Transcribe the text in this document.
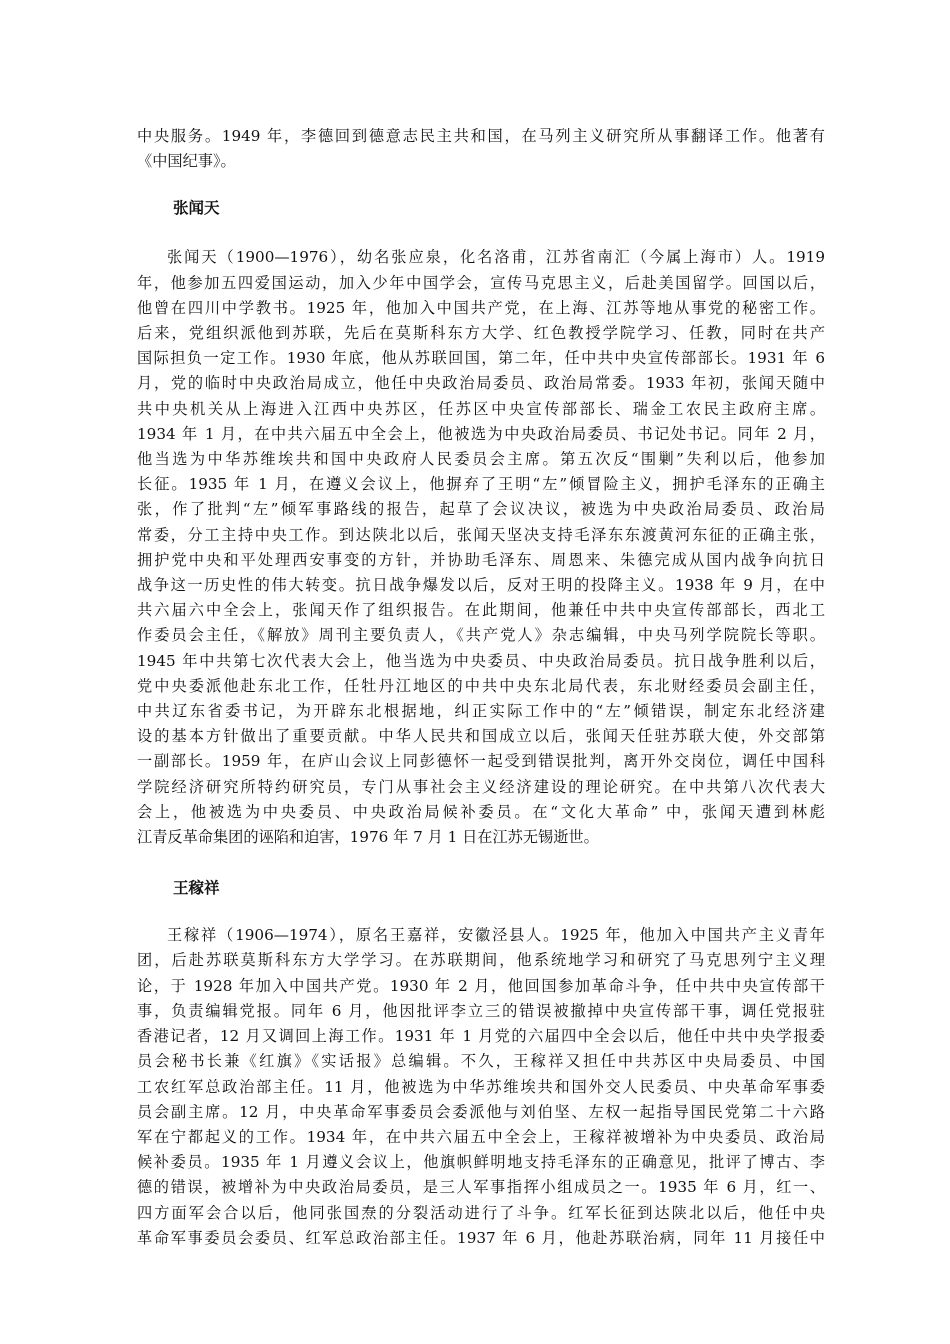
中央服务。1949 年，李德回到德意志民主共和国，在马列主义研究所从事翻译工作。他著有
《中国纪事》。
张闻天
张闻天（1900—1976），幼名张应泉，化名洛甫，江苏省南汇（今属上海市）人。1919
年，他参加五四爱国运动，加入少年中国学会，宣传马克思主义，后赴美国留学。回国以后，
他曾在四川中学教书。1925 年，他加入中国共产党，在上海、江苏等地从事党的秘密工作。
后来，党组织派他到苏联，先后在莫斯科东方大学、红色教授学院学习、任教，同时在共产
国际担负一定工作。1930 年底，他从苏联回国，第二年，任中共中央宣传部部长。1931 年 6
月，党的临时中央政治局成立，他任中央政治局委员、政治局常委。1933 年初，张闻天随中
共中央机关从上海进入江西中央苏区，任苏区中央宣传部部长、瑞金工农民主政府主席。
1934 年 1 月，在中共六届五中全会上，他被选为中央政治局委员、书记处书记。同年 2 月，
他当选为中华苏维埃共和国中央政府人民委员会主席。第五次反“围剿”失利以后，他参加
长征。1935 年 1 月，在遵义会议上，他摒弃了王明“左”倾冒险主义，拥护毛泽东的正确主
张，作了批判“左”倾军事路线的报告，起草了会议决议，被选为中央政治局委员、政治局
常委，分工主持中央工作。到达陕北以后，张闻天坚决支持毛泽东东渡黄河东征的正确主张，
拥护党中央和平处理西安事变的方针，并协助毛泽东、周恩来、朱德完成从国内战争向抗日
战争这一历史性的伟大转变。抗日战争爆发以后，反对王明的投降主义。1938 年 9 月，在中
共六届六中全会上，张闻天作了组织报告。在此期间，他兼任中共中央宣传部部长，西北工
作委员会主任，《解放》周刊主要负责人，《共产党人》杂志编辑，中央马列学院院长等职。
1945 年中共第七次代表大会上，他当选为中央委员、中央政治局委员。抗日战争胜利以后，
党中央委派他赴东北工作，任牡丹江地区的中共中央东北局代表，东北财经委员会副主任，
中共辽东省委书记，为开辟东北根据地，纠正实际工作中的“左”倾错误，制定东北经济建
设的基本方针做出了重要贡献。中华人民共和国成立以后，张闻天任驻苏联大使，外交部第
一副部长。1959 年，在庐山会议上同彭德怀一起受到错误批判，离开外交岗位，调任中国科
学院经济研究所特约研究员，专门从事社会主义经济建设的理论研究。在中共第八次代表大
会上，他被选为中央委员、中央政治局候补委员。在“文化大革命” 中，张闻天遭到林彪
江青反革命集团的诬陷和迫害，1976 年 7 月 1 日在江苏无锡逝世。
王稼祥
王稼祥（1906—1974），原名王嘉祥，安徽泾县人。1925 年，他加入中国共产主义青年
团，后赴苏联莫斯科东方大学学习。在苏联期间，他系统地学习和研究了马克思列宁主义理
论，于 1928 年加入中国共产党。1930 年 2 月，他回国参加革命斗争，任中共中央宣传部干
事，负责编辑党报。同年 6 月，他因批评李立三的错误被撤掉中央宣传部干事，调任党报驻
香港记者，12 月又调回上海工作。1931 年 1 月党的六届四中全会以后，他任中共中央学报委
员会秘书长兼《红旗》《实话报》总编辑。不久，王稼祥又担任中共苏区中央局委员、中国
工农红军总政治部主任。11 月，他被选为中华苏维埃共和国外交人民委员、中央革命军事委
员会副主席。12 月，中央革命军事委员会委派他与刘伯坚、左权一起指导国民党第二十六路
军在宁都起义的工作。1934 年，在中共六届五中全会上，王稼祥被增补为中央委员、政治局
候补委员。1935 年 1 月遵义会议上，他旗帜鲜明地支持毛泽东的正确意见，批评了博古、李
德的错误，被增补为中央政治局委员，是三人军事指挥小组成员之一。1935 年 6 月，红一、
四方面军会合以后，他同张国焘的分裂活动进行了斗争。红军长征到达陕北以后，他任中央
革命军事委员会委员、红军总政治部主任。1937 年 6 月，他赴苏联治病，同年 11 月接任中
